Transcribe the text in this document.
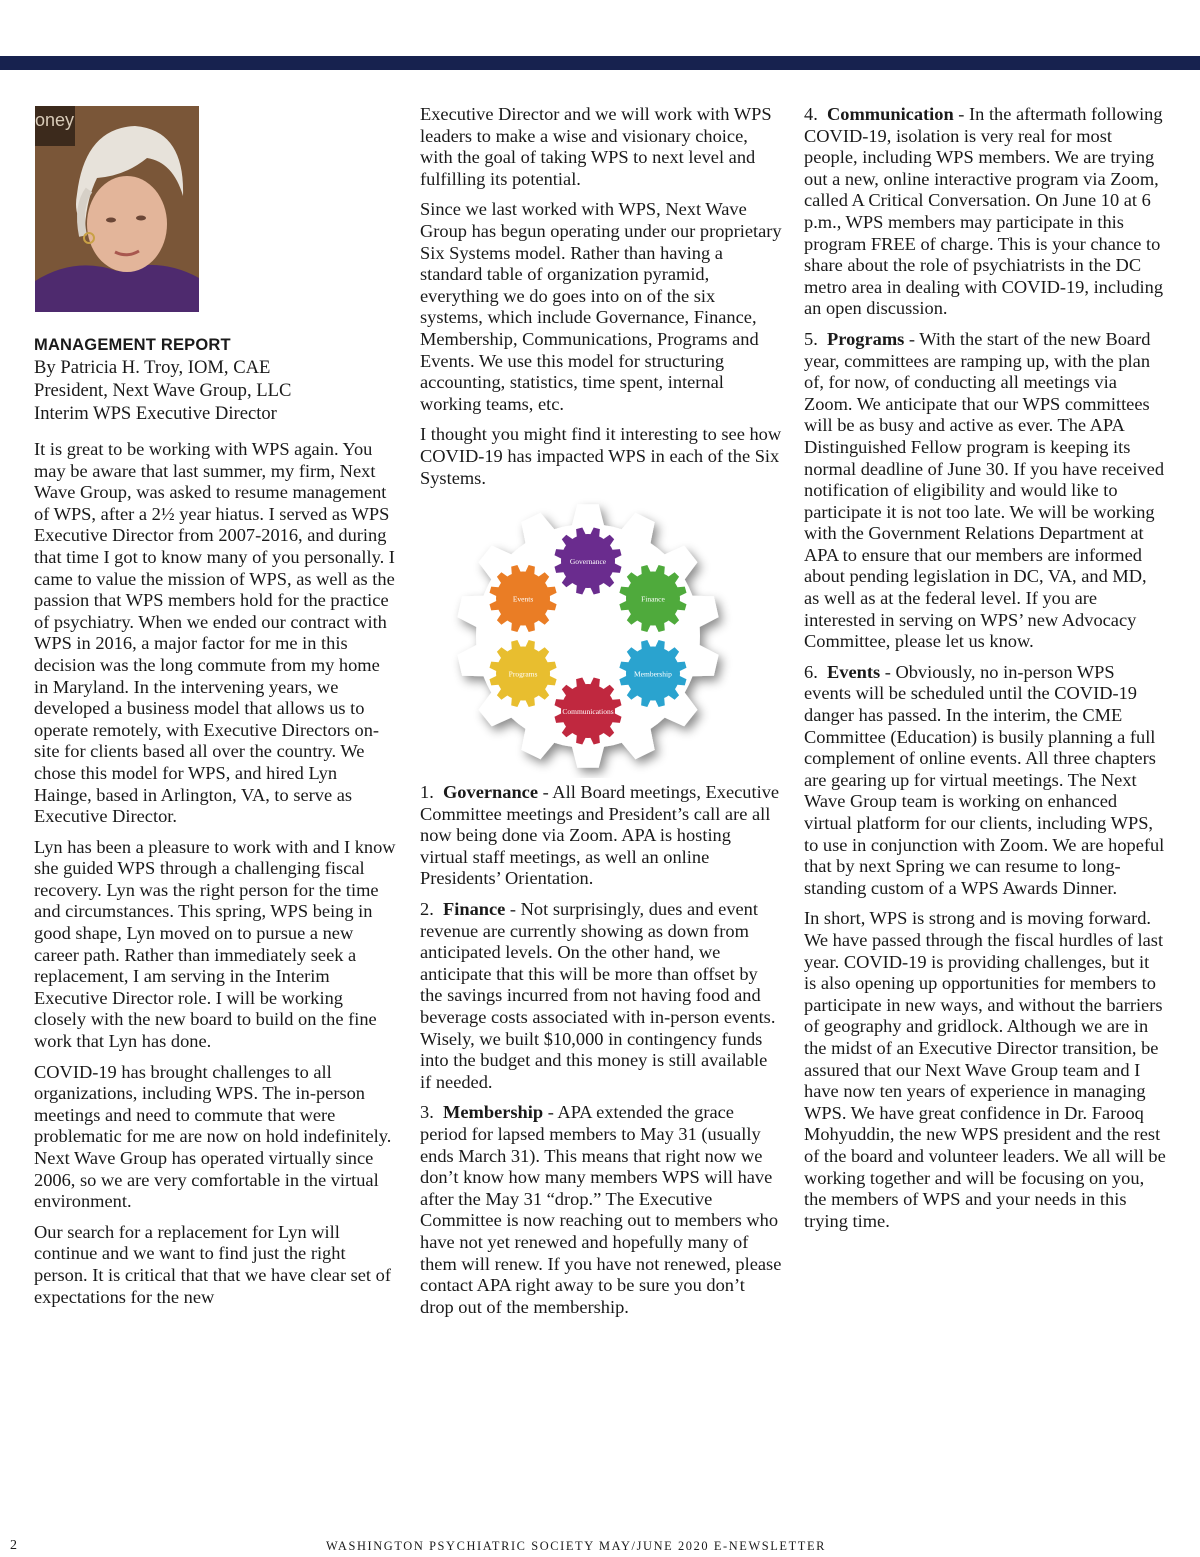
oney
MANAGEMENT REPORT
By Patricia H. Troy, IOM, CAE
President, Next Wave Group, LLC
Interim WPS Executive Director

It is great to be working with WPS again. You may be aware that last summer, my firm, Next Wave Group, was asked to resume management of WPS, after a 2½ year hiatus. I served as WPS Executive Director from 2007-2016, and during that time I got to know many of you personally. I came to value the mission of WPS, as well as the passion that WPS members hold for the practice of psychiatry. When we ended our contract with WPS in 2016, a major factor for me in this decision was the long commute from my home in Maryland. In the intervening years, we developed a business model that allows us to operate remotely, with Executive Directors on-site for clients based all over the country. We chose this model for WPS, and hired Lyn Hainge, based in Arlington, VA, to serve as Executive Director.

Lyn has been a pleasure to work with and I know she guided WPS through a challenging fiscal recovery. Lyn was the right person for the time and circumstances. This spring, WPS being in good shape, Lyn moved on to pursue a new career path. Rather than immediately seek a replacement, I am serving in the Interim Executive Director role. I will be working closely with the new board to build on the fine work that Lyn has done.

COVID-19 has brought challenges to all organizations, including WPS. The in-person meetings and need to commute that were problematic for me are now on hold indefinitely. Next Wave Group has operated virtually since 2006, so we are very comfortable in the virtual environment.

Our search for a replacement for Lyn will continue and we want to find just the right person. It is critical that that we have clear set of expectations for the new

Executive Director and we will work with WPS leaders to make a wise and visionary choice, with the goal of taking WPS to next level and fulfilling its potential.

Since we last worked with WPS, Next Wave Group has begun operating under our proprietary Six Systems model. Rather than having a standard table of organization pyramid, everything we do goes into on of the six systems, which include Governance, Finance, Membership, Communications, Programs and Events. We use this model for structuring accounting, statistics, time spent, internal working teams, etc.

I thought you might find it interesting to see how COVID-19 has impacted WPS in each of the Six Systems.

Governance
Finance
Membership
Communications
Programs
Events

1. Governance - All Board meetings, Executive Committee meetings and President’s call are all now being done via Zoom. APA is hosting virtual staff meetings, as well an online Presidents’ Orientation.

2. Finance - Not surprisingly, dues and event revenue are currently showing as down from anticipated levels. On the other hand, we anticipate that this will be more than offset by the savings incurred from not having food and beverage costs associated with in-person events. Wisely, we built $10,000 in contingency funds into the budget and this money is still available if needed.

3. Membership - APA extended the grace period for lapsed members to May 31 (usually ends March 31). This means that right now we don’t know how many members WPS will have after the May 31 “drop.” The Executive Committee is now reaching out to members who have not yet renewed and hopefully many of them will renew. If you have not renewed, please contact APA right away to be sure you don’t drop out of the membership.

4. Communication - In the aftermath following COVID-19, isolation is very real for most people, including WPS members. We are trying out a new, online interactive program via Zoom, called A Critical Conversation. On June 10 at 6 p.m., WPS members may participate in this program FREE of charge. This is your chance to share about the role of psychiatrists in the DC metro area in dealing with COVID-19, including an open discussion.

5. Programs - With the start of the new Board year, committees are ramping up, with the plan of, for now, of conducting all meetings via Zoom. We anticipate that our WPS committees will be as busy and active as ever. The APA Distinguished Fellow program is keeping its normal deadline of June 30. If you have received notification of eligibility and would like to participate it is not too late. We will be working with the Government Relations Department at APA to ensure that our members are informed about pending legislation in DC, VA, and MD, as well as at the federal level. If you are interested in serving on WPS’ new Advocacy Committee, please let us know.

6. Events - Obviously, no in-person WPS events will be scheduled until the COVID-19 danger has passed. In the interim, the CME Committee (Education) is busily planning a full complement of online events. All three chapters are gearing up for virtual meetings. The Next Wave Group team is working on enhanced virtual platform for our clients, including WPS, to use in conjunction with Zoom. We are hopeful that by next Spring we can resume to long-standing custom of a WPS Awards Dinner.

In short, WPS is strong and is moving forward. We have passed through the fiscal hurdles of last year. COVID-19 is providing challenges, but it is also opening up opportunities for members to participate in new ways, and without the barriers of geography and gridlock. Although we are in the midst of an Executive Director transition, be assured that our Next Wave Group team and I have now ten years of experience in managing WPS. We have great confidence in Dr. Farooq Mohyuddin, the new WPS president and the rest of the board and volunteer leaders. We all will be working together and will be focusing on you, the members of WPS and your needs in this trying time.

2	WASHINGTON PSYCHIATRIC SOCIETY MAY/JUNE 2020 E-NEWSLETTER
